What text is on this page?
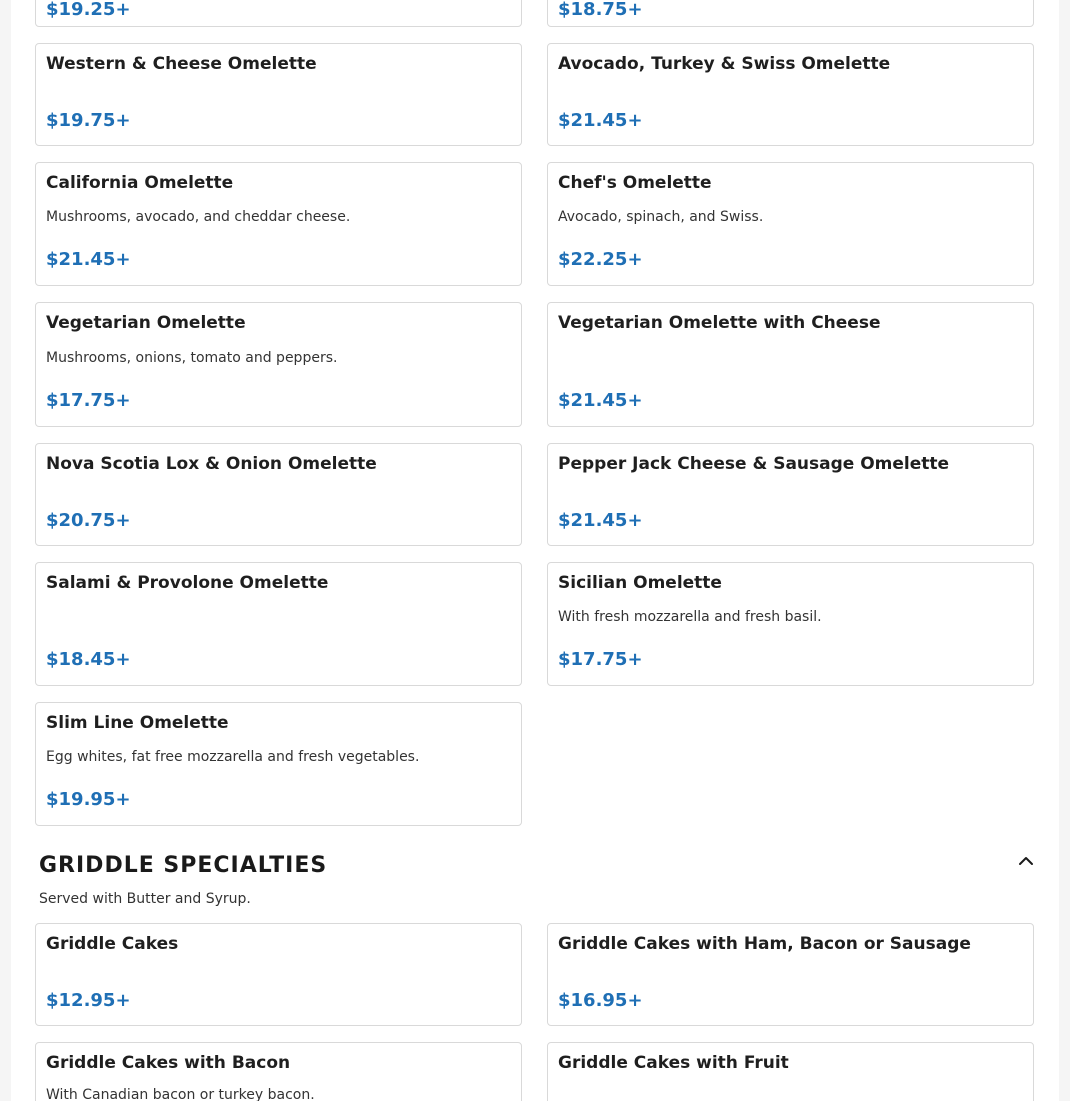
$19.25+	$18.75+
Western & Cheese Omelette
$19.75+
Avocado, Turkey & Swiss Omelette
$21.45+
California Omelette
Mushrooms, avocado, and cheddar cheese.
$21.45+
Chef's Omelette
Avocado, spinach, and Swiss.
$22.25+
Vegetarian Omelette
Mushrooms, onions, tomato and peppers.
$17.75+
Vegetarian Omelette with Cheese
$21.45+
Nova Scotia Lox & Onion Omelette
$20.75+
Pepper Jack Cheese & Sausage Omelette
$21.45+
Salami & Provolone Omelette
$18.45+
Sicilian Omelette
With fresh mozzarella and fresh basil.
$17.75+
Slim Line Omelette
Egg whites, fat free mozzarella and fresh vegetables.
$19.95+
GRIDDLE SPECIALTIES

Served with Butter and Syrup.

Griddle Cakes
$12.95+
Griddle Cakes with Ham, Bacon or Sausage
$16.95+
Griddle Cakes with Bacon
With Canadian bacon or turkey bacon.
Griddle Cakes with Fruit
